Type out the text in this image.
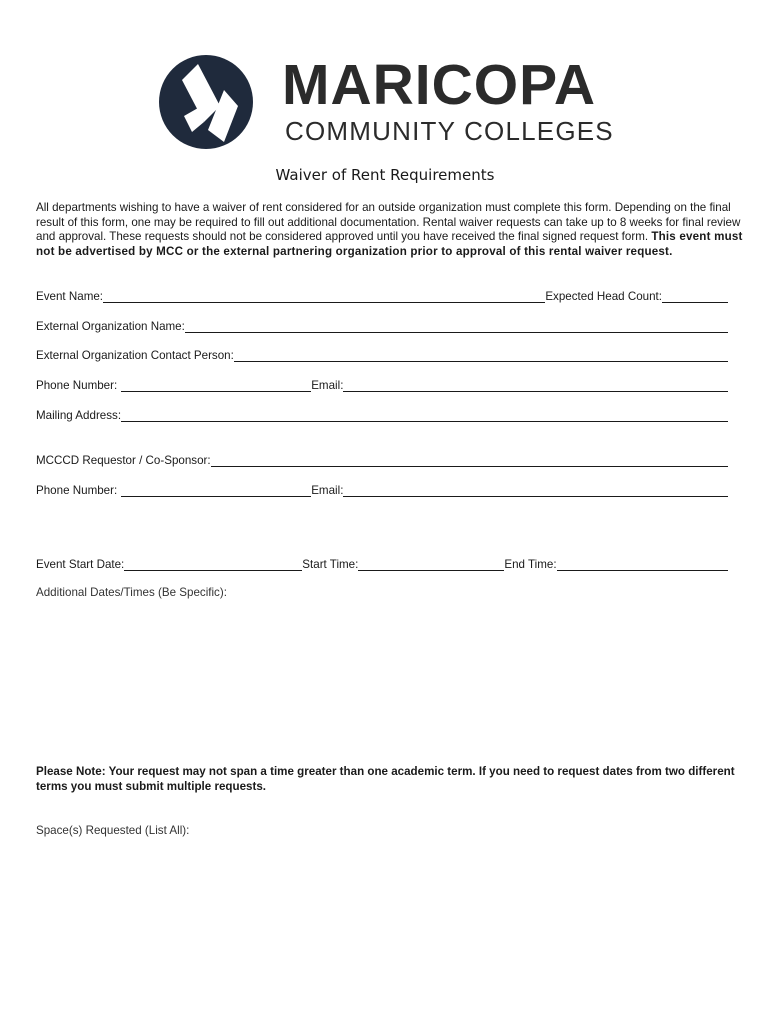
MARICOPA
COMMUNITY COLLEGES
Waiver of Rent Requirements
All departments wishing to have a waiver of rent considered for an outside organization must complete this form. Depending on the final result of this form, one may be required to fill out additional documentation. Rental waiver requests can take up to 8 weeks for final review and approval. These requests should not be considered approved until you have received the final signed request form. This event must not be advertised by MCC or the external partnering organization prior to approval of this rental waiver request.
Event Name:	Expected Head Count:
External Organization Name:
External Organization Contact Person:
Phone Number:	Email:
Mailing Address:
MCCCD Requestor / Co-Sponsor:
Phone Number:	Email:
Event Start Date:	Start Time:	End Time:
Additional Dates/Times (Be Specific):
Please Note: Your request may not span a time greater than one academic term. If you need to request dates from two different terms you must submit multiple requests.
Space(s) Requested (List All):
